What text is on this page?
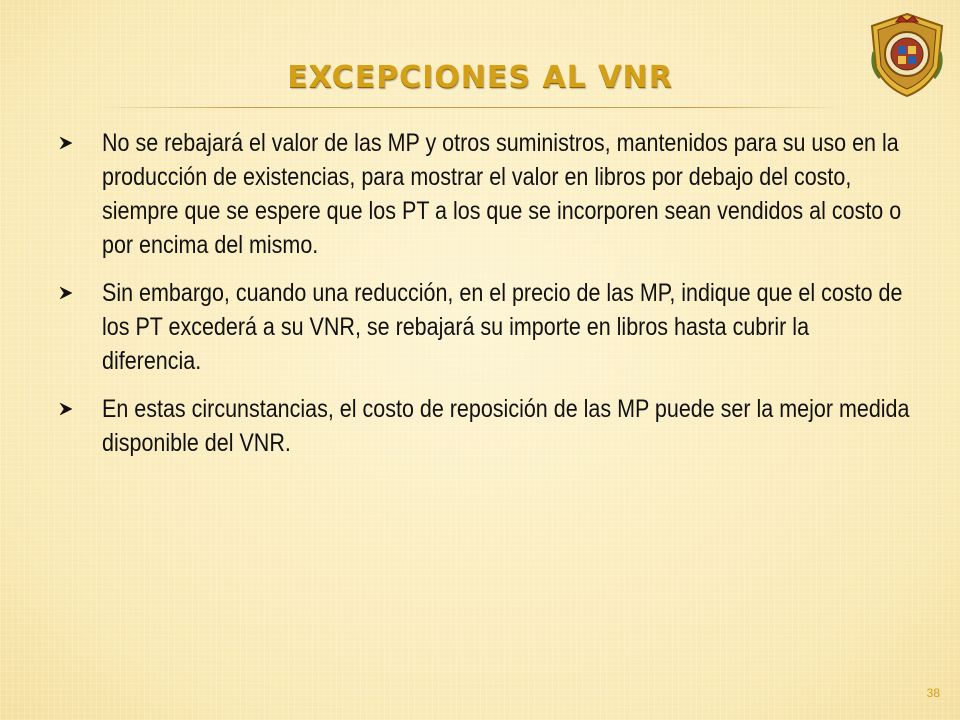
EXCEPCIONES AL VNR
No se rebajará el valor de las MP y otros suministros, mantenidos para su uso en la producción de existencias, para mostrar el valor en libros por debajo del costo, siempre que se espere que los PT a los que se incorporen sean vendidos al costo o por encima del mismo.
Sin embargo, cuando una reducción, en el precio de las MP, indique que el costo de los PT excederá a su VNR, se rebajará su importe en libros hasta cubrir la diferencia.
En estas circunstancias, el costo de reposición de las MP puede ser la mejor medida disponible del VNR.
38
